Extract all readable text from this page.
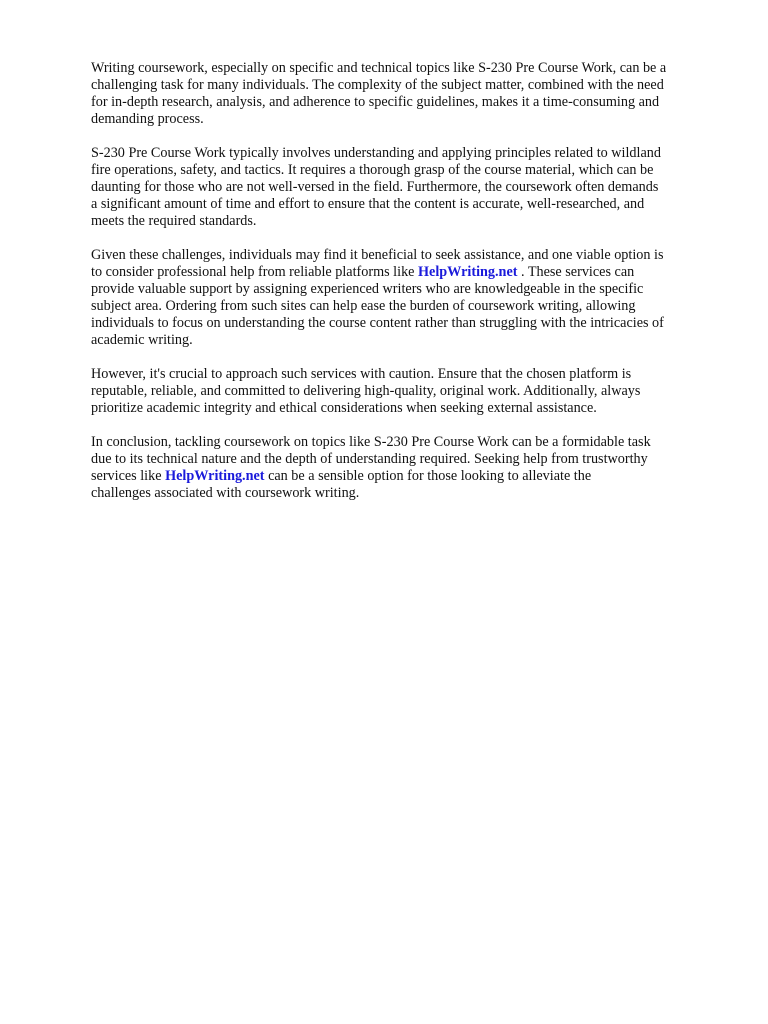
Writing coursework, especially on specific and technical topics like S-230 Pre Course Work, can be a
challenging task for many individuals. The complexity of the subject matter, combined with the need
for in-depth research, analysis, and adherence to specific guidelines, makes it a time-consuming and
demanding process.

S-230 Pre Course Work typically involves understanding and applying principles related to wildland
fire operations, safety, and tactics. It requires a thorough grasp of the course material, which can be
daunting for those who are not well-versed in the field. Furthermore, the coursework often demands
a significant amount of time and effort to ensure that the content is accurate, well-researched, and
meets the required standards.

Given these challenges, individuals may find it beneficial to seek assistance, and one viable option is
to consider professional help from reliable platforms like HelpWriting.net . These services can
provide valuable support by assigning experienced writers who are knowledgeable in the specific
subject area. Ordering from such sites can help ease the burden of coursework writing, allowing
individuals to focus on understanding the course content rather than struggling with the intricacies of
academic writing.

However, it's crucial to approach such services with caution. Ensure that the chosen platform is
reputable, reliable, and committed to delivering high-quality, original work. Additionally, always
prioritize academic integrity and ethical considerations when seeking external assistance.

In conclusion, tackling coursework on topics like S-230 Pre Course Work can be a formidable task
due to its technical nature and the depth of understanding required. Seeking help from trustworthy
services like HelpWriting.net can be a sensible option for those looking to alleviate the
challenges associated with coursework writing.
